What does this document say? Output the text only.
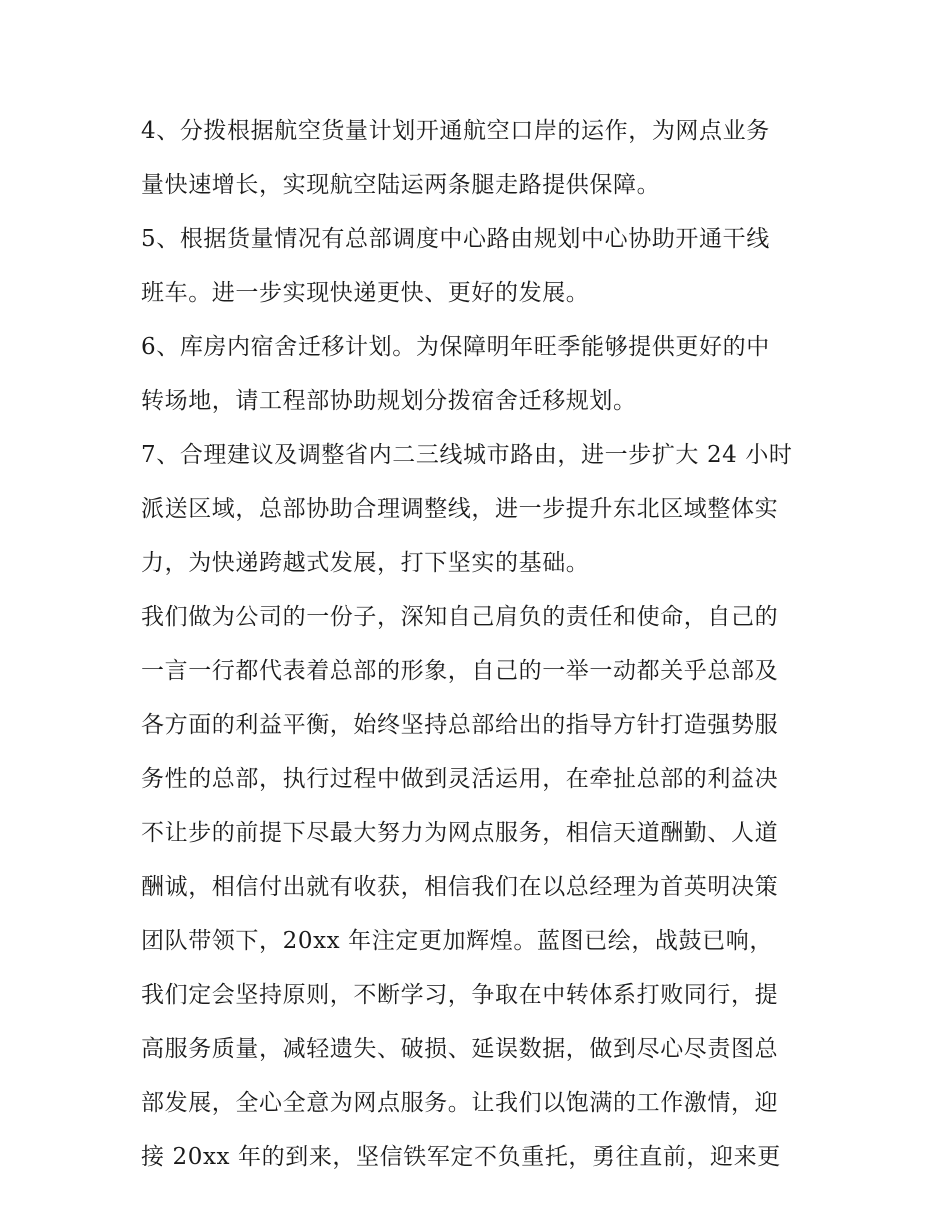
4、分拨根据航空货量计划开通航空口岸的运作，为网点业务
量快速增长，实现航空陆运两条腿走路提供保障。
5、根据货量情况有总部调度中心路由规划中心协助开通干线
班车。进一步实现快递更快、更好的发展。
6、库房内宿舍迁移计划。为保障明年旺季能够提供更好的中
转场地，请工程部协助规划分拨宿舍迁移规划。
7、合理建议及调整省内二三线城市路由，进一步扩大 24 小时
派送区域，总部协助合理调整线，进一步提升东北区域整体实
力，为快递跨越式发展，打下坚实的基础。
我们做为公司的一份子，深知自己肩负的责任和使命，自己的
一言一行都代表着总部的形象，自己的一举一动都关乎总部及
各方面的利益平衡，始终坚持总部给出的指导方针打造强势服
务性的总部，执行过程中做到灵活运用，在牵扯总部的利益决
不让步的前提下尽最大努力为网点服务，相信天道酬勤、人道
酬诚，相信付出就有收获，相信我们在以总经理为首英明决策
团队带领下，20xx 年注定更加辉煌。蓝图已绘，战鼓已响，
我们定会坚持原则，不断学习，争取在中转体系打败同行，提
高服务质量，减轻遗失、破损、延误数据，做到尽心尽责图总
部发展，全心全意为网点服务。让我们以饱满的工作激情，迎
接 20xx 年的到来，坚信铁军定不负重托，勇往直前，迎来更
